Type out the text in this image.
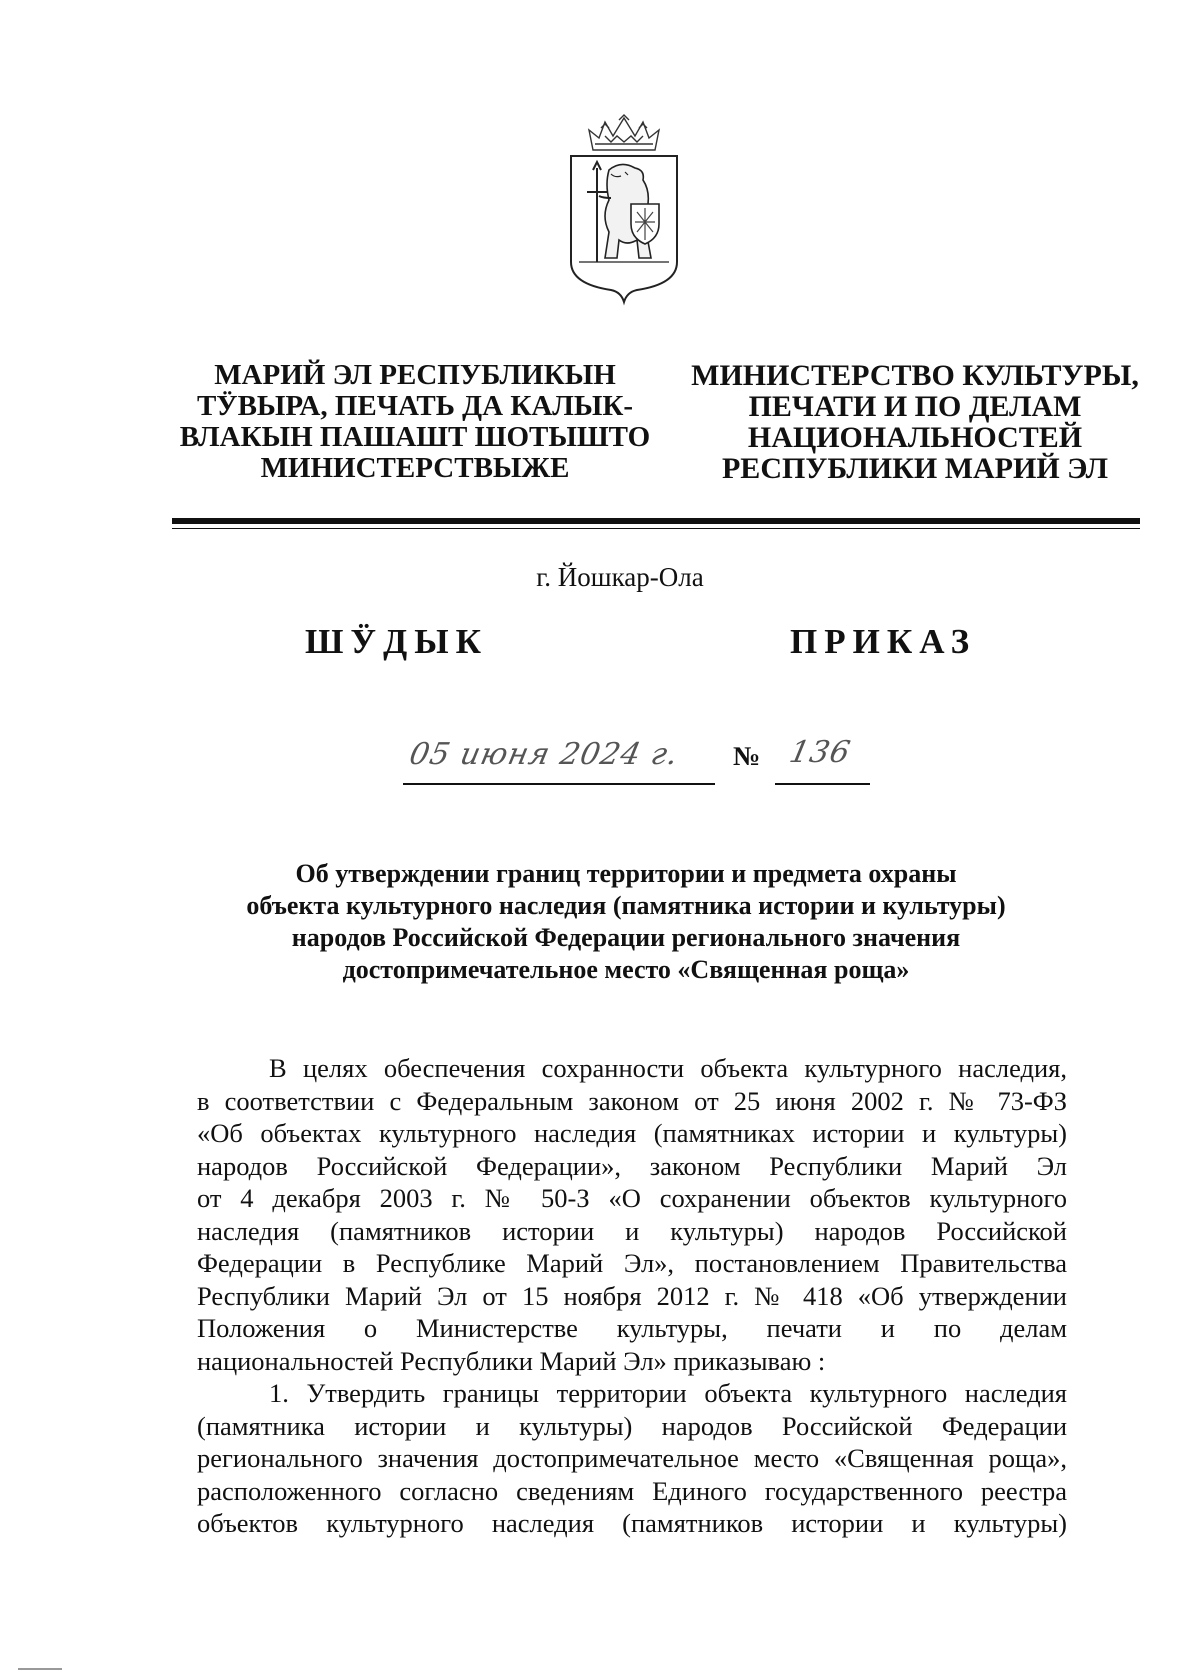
МАРИЙ ЭЛ РЕСПУБЛИКЫН
ТӰВЫРА, ПЕЧАТЬ ДА КАЛЫК-
ВЛАКЫН ПАШАШТ ШОТЫШТО
МИНИСТЕРСТВЫЖЕ
МИНИСТЕРСТВО КУЛЬТУРЫ,
ПЕЧАТИ И ПО ДЕЛАМ
НАЦИОНАЛЬНОСТЕЙ
РЕСПУБЛИКИ МАРИЙ ЭЛ
г. Йошкар-Ола
ШӰДЫК	ПРИКАЗ
05 июня 2024 г. № 136
Об утверждении границ территории и предмета охраны
объекта культурного наследия (памятника истории и культуры)
народов Российской Федерации регионального значения
достопримечательное место «Священная роща»
В целях обеспечения сохранности объекта культурного наследия,
в соответствии с Федеральным законом от 25 июня 2002 г. № 73-ФЗ
«Об объектах культурного наследия (памятниках истории и культуры)
народов Российской Федерации», законом Республики Марий Эл
от 4 декабря 2003 г. № 50-З «О сохранении объектов культурного
наследия (памятников истории и культуры) народов Российской
Федерации в Республике Марий Эл», постановлением Правительства
Республики Марий Эл от 15 ноября 2012 г. № 418 «Об утверждении
Положения о Министерстве культуры, печати и по делам
национальностей Республики Марий Эл» приказываю :
1. Утвердить границы территории объекта культурного наследия
(памятника истории и культуры) народов Российской Федерации
регионального значения достопримечательное место «Священная роща»,
расположенного согласно сведениям Единого государственного реестра
объектов культурного наследия (памятников истории и культуры)
